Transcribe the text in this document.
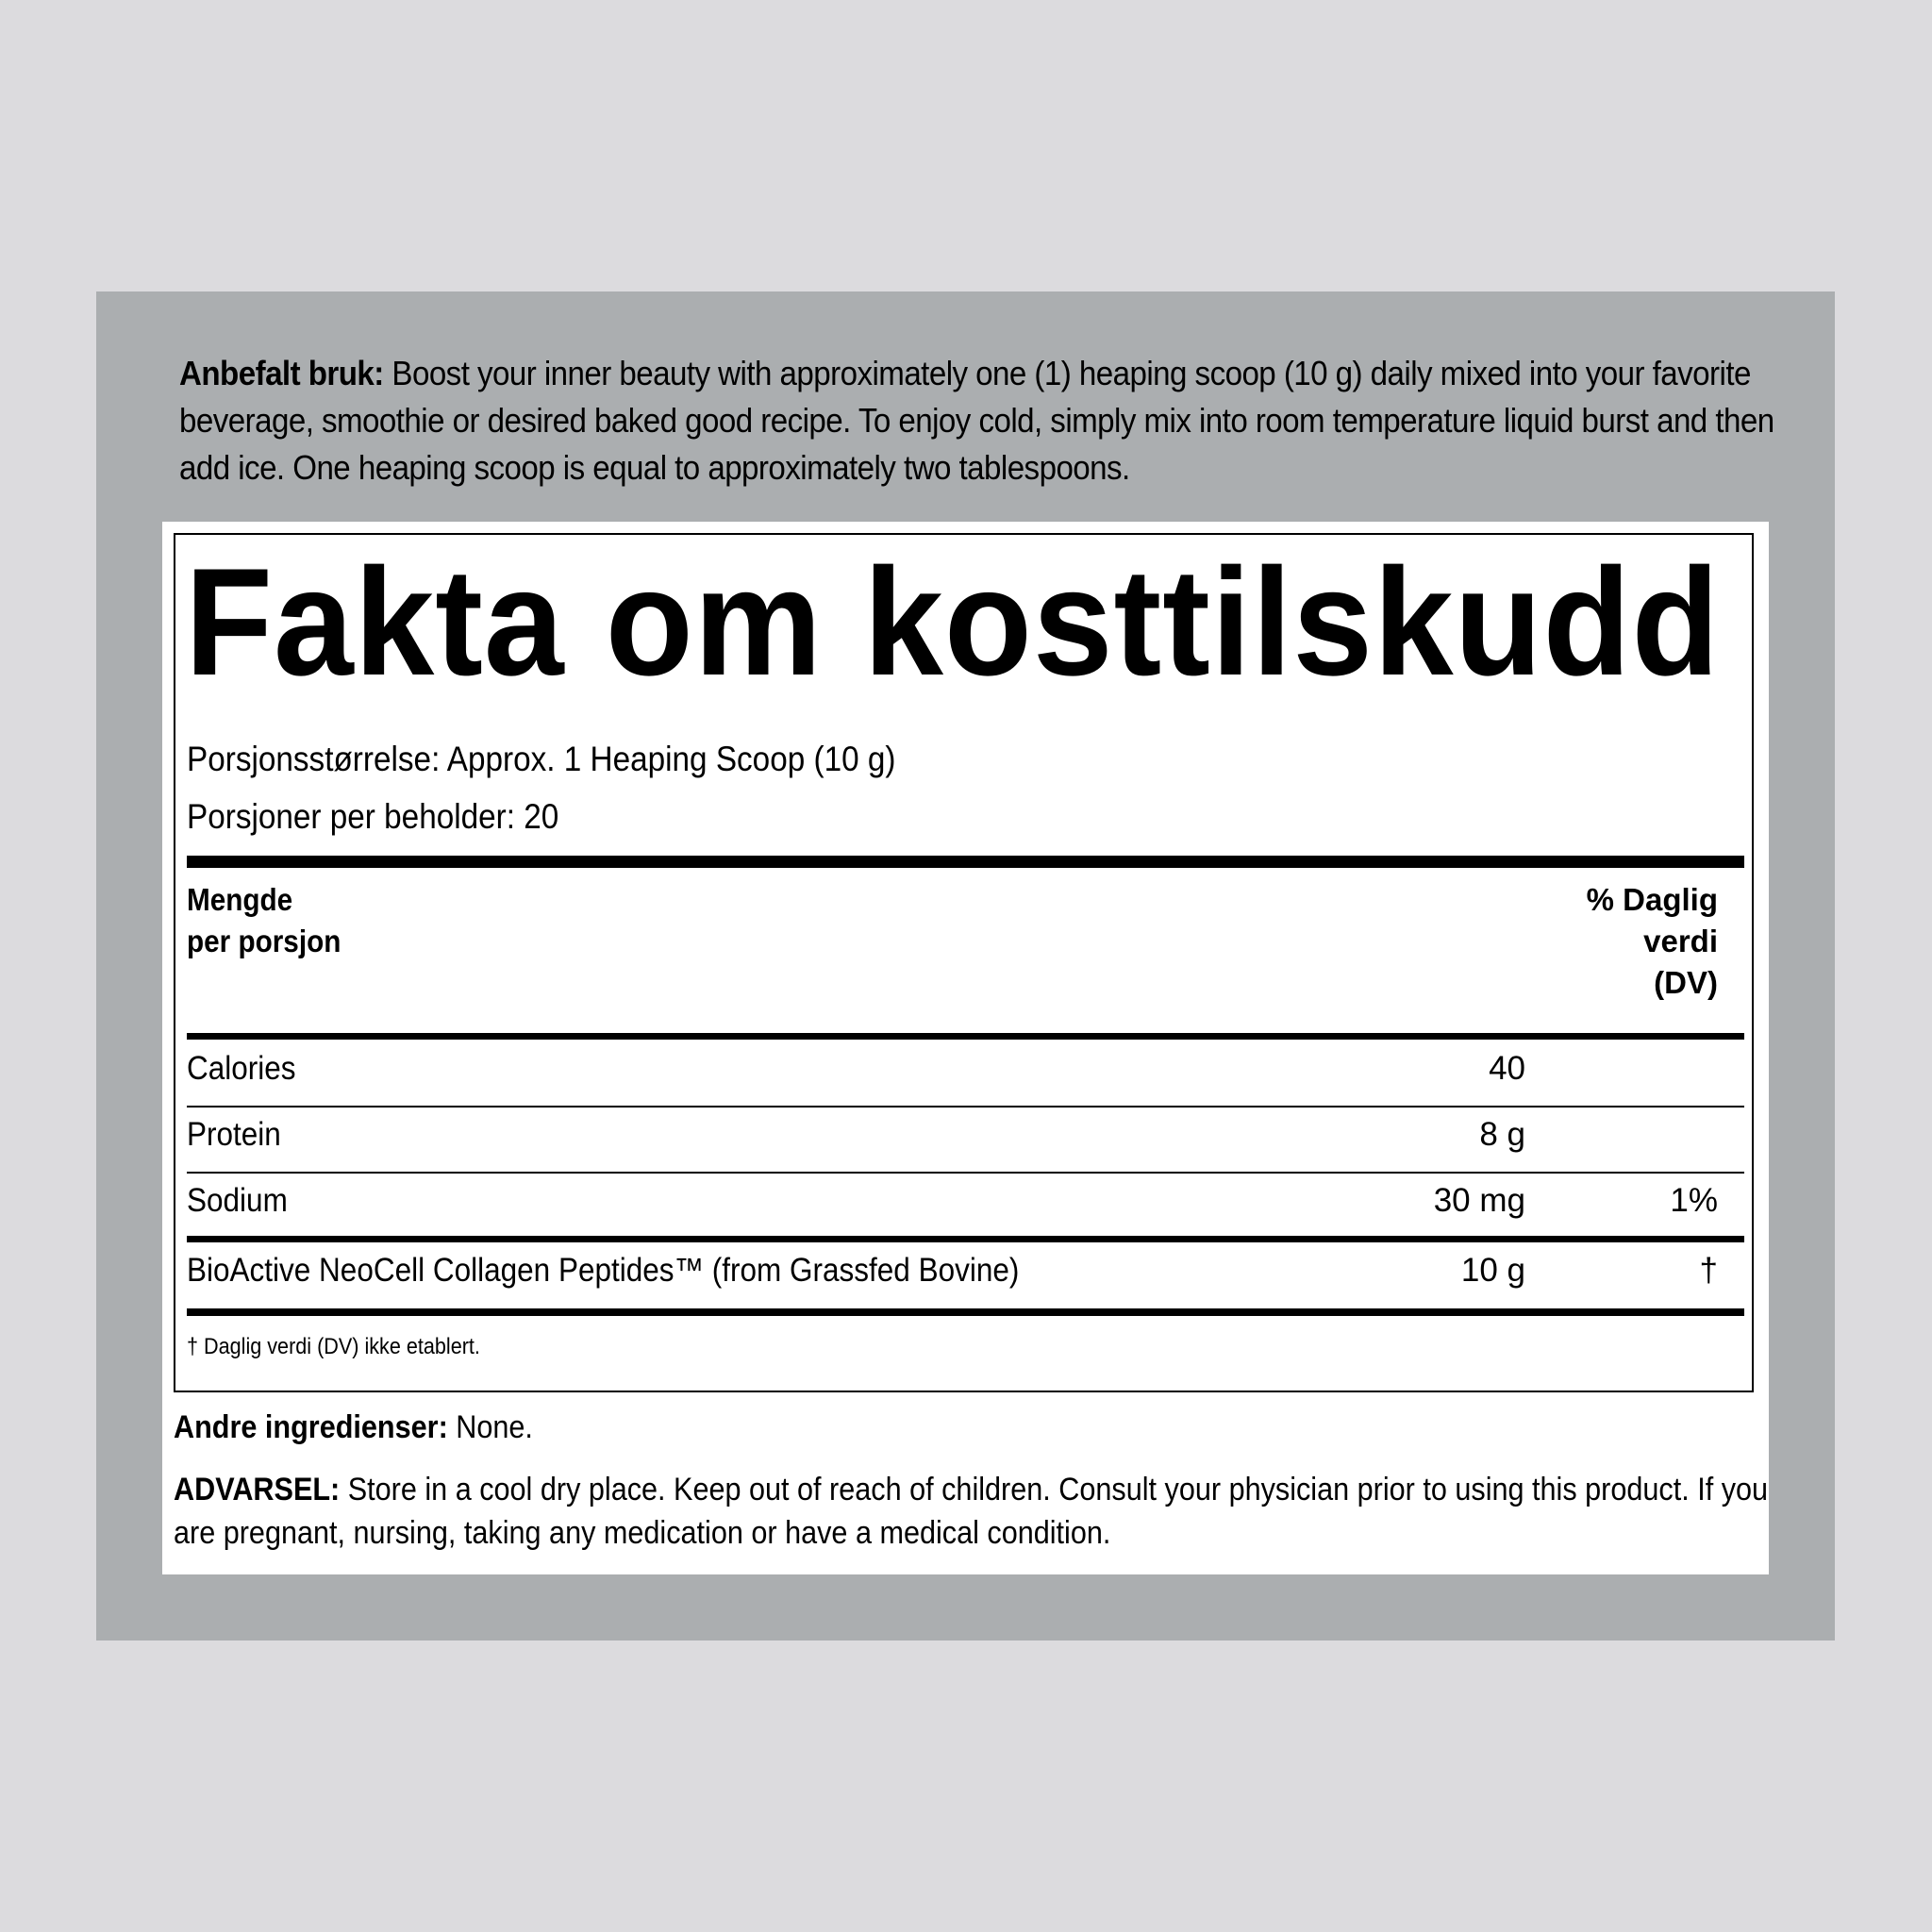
Anbefalt bruk: Boost your inner beauty with approximately one (1) heaping scoop (10 g) daily mixed into your favorite beverage, smoothie or desired baked good recipe. To enjoy cold, simply mix into room temperature liquid burst and then add ice. One heaping scoop is equal to approximately two tablespoons.
Fakta om kosttilskudd
Porsjonsstørrelse: Approx. 1 Heaping Scoop (10 g)
Porsjoner per beholder: 20
Mengde
per porsjon
% Daglig
verdi
(DV)
Calories	40
Protein	8 g
Sodium	30 mg	1%
BioActive NeoCell Collagen Peptides™ (from Grassfed Bovine)	10 g	†
† Daglig verdi (DV) ikke etablert.
Andre ingredienser: None.
ADVARSEL: Store in a cool dry place. Keep out of reach of children. Consult your physician prior to using this product. If you are pregnant, nursing, taking any medication or have a medical condition.
